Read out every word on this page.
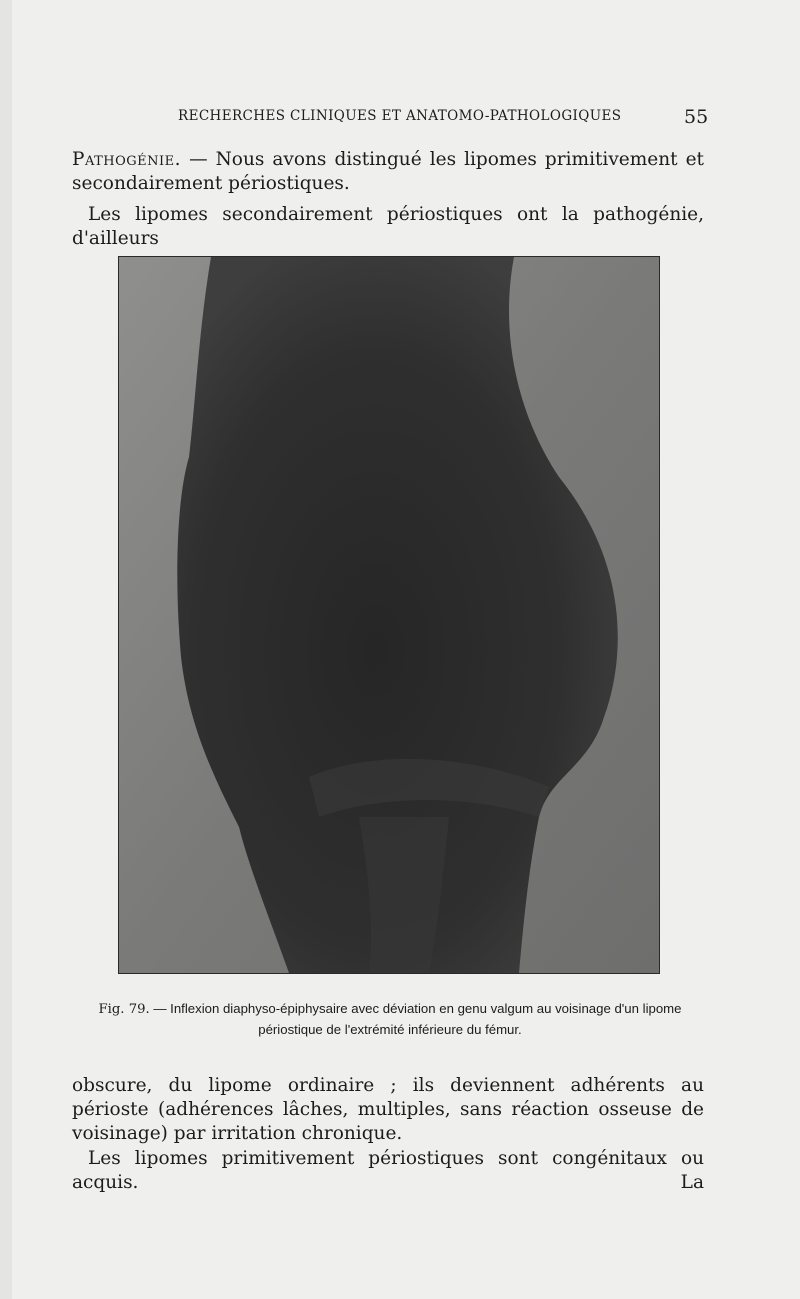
RECHERCHES CLINIQUES ET ANATOMO-PATHOLOGIQUES	55

Pathogénie. — Nous avons distingué les lipomes primitivement et secondairement périostiques.

Les lipomes secondairement périostiques ont la pathogénie, d'ailleurs

Fig. 79. — Inflexion diaphyso-épiphysaire avec déviation en genu valgum au voisinage d'un lipome périostique de l'extrémité inférieure du fémur.

obscure, du lipome ordinaire ; ils deviennent adhérents au périoste (adhérences lâches, multiples, sans réaction osseuse de voisinage) par irritation chronique.

Les lipomes primitivement périostiques sont congénitaux ou acquis. La
